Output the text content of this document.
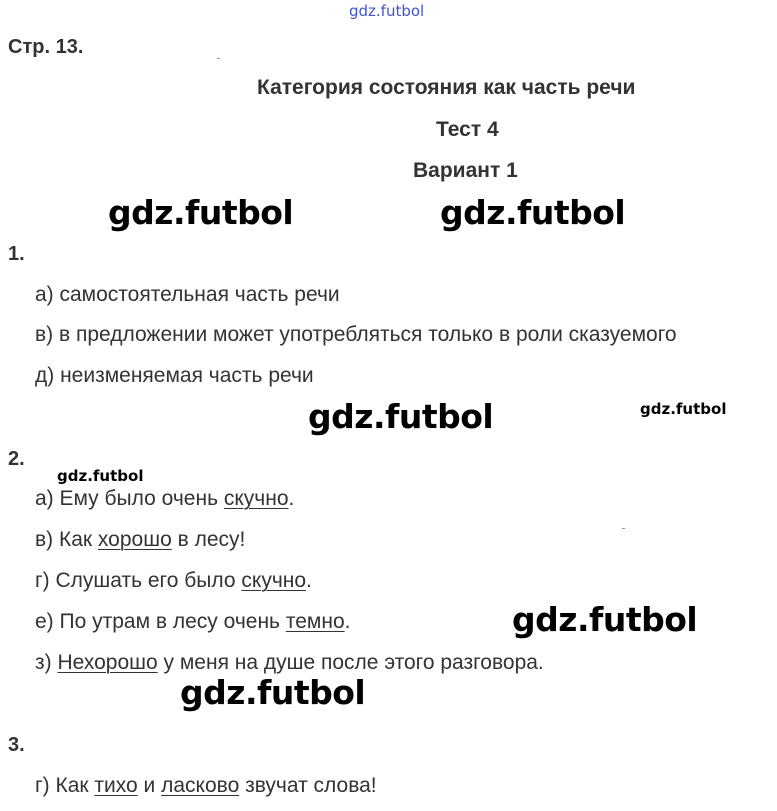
gdz.futbol
Стр. 13.
Категория состояния как часть речи
Тест 4
Вариант 1
gdz.futbol	gdz.futbol
1.
а) самостоятельная часть речи
в) в предложении может употребляться только в роли сказуемого
д) неизменяемая часть речи
gdz.futbol	gdz.futbol
2.
gdz.futbol
а) Ему было очень скучно.
в) Как хорошо в лесу!
г) Слушать его было скучно.
е) По утрам в лесу очень темно.	gdz.futbol
з) Нехорошо у меня на душе после этого разговора.
gdz.futbol
3.
г) Как тихо и ласково звучат слова!
